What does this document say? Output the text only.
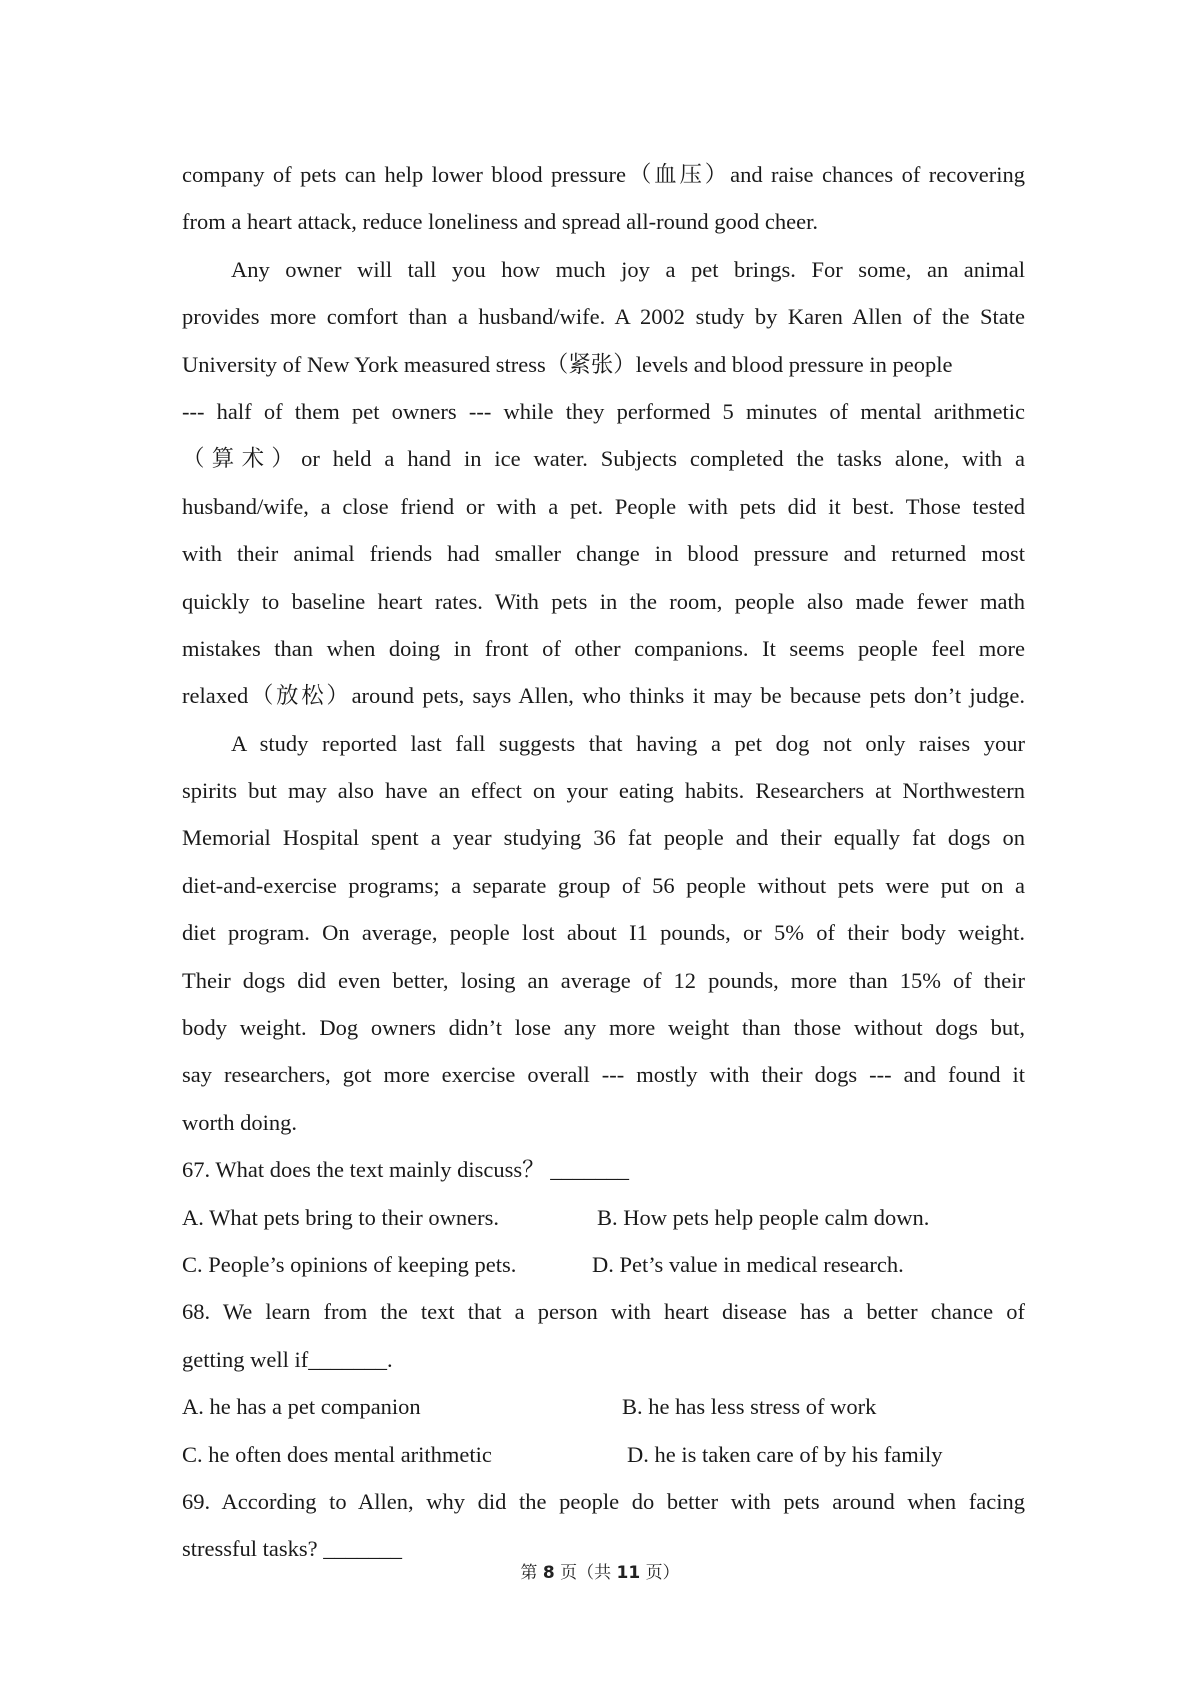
company of pets can help lower blood pressure（血压）and raise chances of recovering
from a heart attack, reduce loneliness and spread all-round good cheer.
Any owner will tall you how much joy a pet brings. For some, an animal
provides more comfort than a husband/wife. A 2002 study by Karen Allen of the State
University of New York measured stress（紧张）levels and blood pressure in people
--- half of them pet owners --- while they performed 5 minutes of mental arithmetic
（算术）or held a hand in ice water. Subjects completed the tasks alone, with a
husband/wife, a close friend or with a pet. People with pets did it best. Those tested
with their animal friends had smaller change in blood pressure and returned most
quickly to baseline heart rates. With pets in the room, people also made fewer math
mistakes than when doing in front of other companions. It seems people feel more
relaxed（放松）around pets, says Allen, who thinks it may be because pets don’t judge.
A study reported last fall suggests that having a pet dog not only raises your
spirits but may also have an effect on your eating habits. Researchers at Northwestern
Memorial Hospital spent a year studying 36 fat people and their equally fat dogs on
diet-and-exercise programs; a separate group of 56 people without pets were put on a
diet program. On average, people lost about I1 pounds, or 5% of their body weight.
Their dogs did even better, losing an average of 12 pounds, more than 15% of their
body weight. Dog owners didn’t lose any more weight than those without dogs but,
say researchers, got more exercise overall --- mostly with their dogs --- and found it
worth doing.
67. What does the text mainly discuss？ _______
A. What pets bring to their owners.	B. How pets help people calm down.
C. People’s opinions of keeping pets.	D. Pet’s value in medical research.
68. We learn from the text that a person with heart disease has a better chance of
getting well if_______.
A. he has a pet companion	B. he has less stress of work
C. he often does mental arithmetic	D. he is taken care of by his family
69. According to Allen, why did the people do better with pets around when facing
stressful tasks? _______
第 8 页（共 11 页）
